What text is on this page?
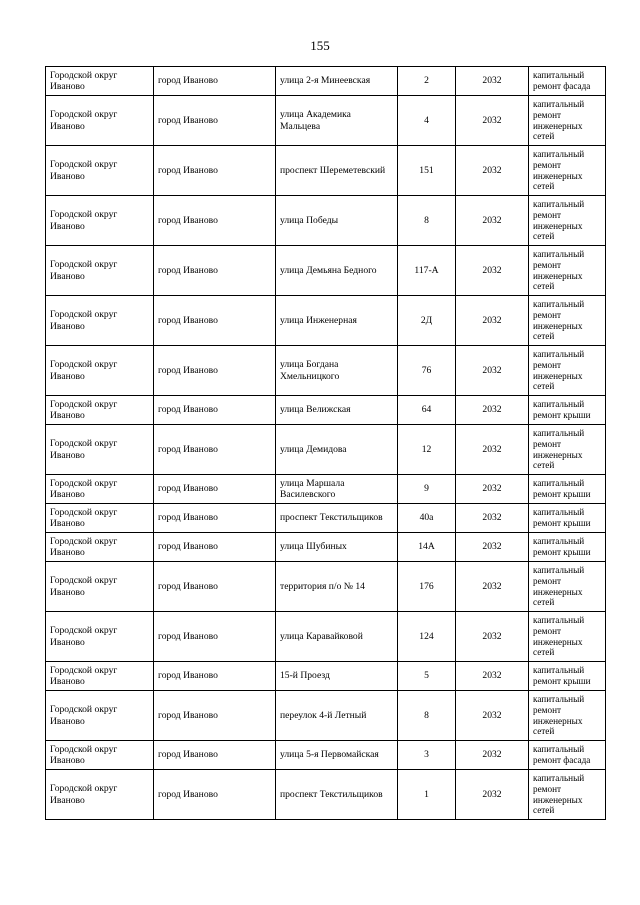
155
Городской округ Иваново	город Иваново	улица 2-я Минеевская	2	2032	капитальный ремонт фасада
Городской округ Иваново	город Иваново	улица Академика Мальцева	4	2032	капитальный ремонт инженерных сетей
Городской округ Иваново	город Иваново	проспект Шереметевский	151	2032	капитальный ремонт инженерных сетей
Городской округ Иваново	город Иваново	улица Победы	8	2032	капитальный ремонт инженерных сетей
Городской округ Иваново	город Иваново	улица Демьяна Бедного	117-А	2032	капитальный ремонт инженерных сетей
Городской округ Иваново	город Иваново	улица Инженерная	2Д	2032	капитальный ремонт инженерных сетей
Городской округ Иваново	город Иваново	улица Богдана Хмельницкого	76	2032	капитальный ремонт инженерных сетей
Городской округ Иваново	город Иваново	улица Велижская	64	2032	капитальный ремонт крыши
Городской округ Иваново	город Иваново	улица Демидова	12	2032	капитальный ремонт инженерных сетей
Городской округ Иваново	город Иваново	улица Маршала Василевского	9	2032	капитальный ремонт крыши
Городской округ Иваново	город Иваново	проспект Текстильщиков	40а	2032	капитальный ремонт крыши
Городской округ Иваново	город Иваново	улица Шубиных	14А	2032	капитальный ремонт крыши
Городской округ Иваново	город Иваново	территория п/о № 14	176	2032	капитальный ремонт инженерных сетей
Городской округ Иваново	город Иваново	улица Каравайковой	124	2032	капитальный ремонт инженерных сетей
Городской округ Иваново	город Иваново	15-й Проезд	5	2032	капитальный ремонт крыши
Городской округ Иваново	город Иваново	переулок 4-й Летный	8	2032	капитальный ремонт инженерных сетей
Городской округ Иваново	город Иваново	улица 5-я Первомайская	3	2032	капитальный ремонт фасада
Городской округ Иваново	город Иваново	проспект Текстильщиков	1	2032	капитальный ремонт инженерных сетей
